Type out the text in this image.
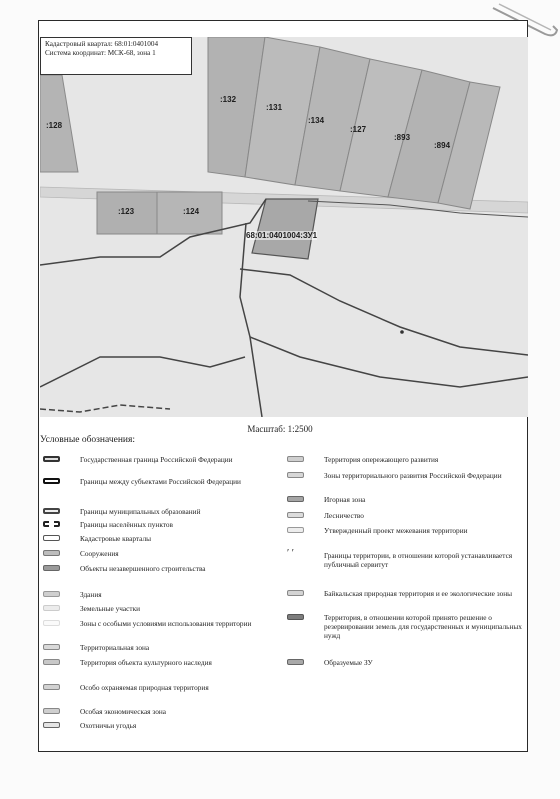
:128
:132
:131
:134
:127
:893
:894
:123	:124
68:01:0401004:ЗУ1
Кадастровый квартал: 68:01:0401004
Система координат: МСК-68, зона 1
Масштаб: 1:2500
Условные обозначения:
Государственная граница Российской Федерации
Границы между субъектами Российской Федерации
Границы муниципальных образований
Границы населённых пунктов
Кадастровые кварталы
Сооружения
Объекты незавершенного строительства
Здания
Земельные участки
Зоны с особыми условиями использования территории
Территориальная зона
Территория объекта культурного наследия
Особо охраняемая природная территория
Особая экономическая зона
Охотничьи угодья
Территория опережающего развития
Зоны территориального развития Российской Федерации
Игорная зона
Лесничество
Утвержденный проект межевания территории
ʹ ʹ	Границы территории, в отношении которой устанавливается публичный сервитут
Байкальская природная территория и ее экологические зоны
Территория, в отношении которой принято решение о резервировании земель для государственных и муниципальных нужд
Образуемые ЗУ
